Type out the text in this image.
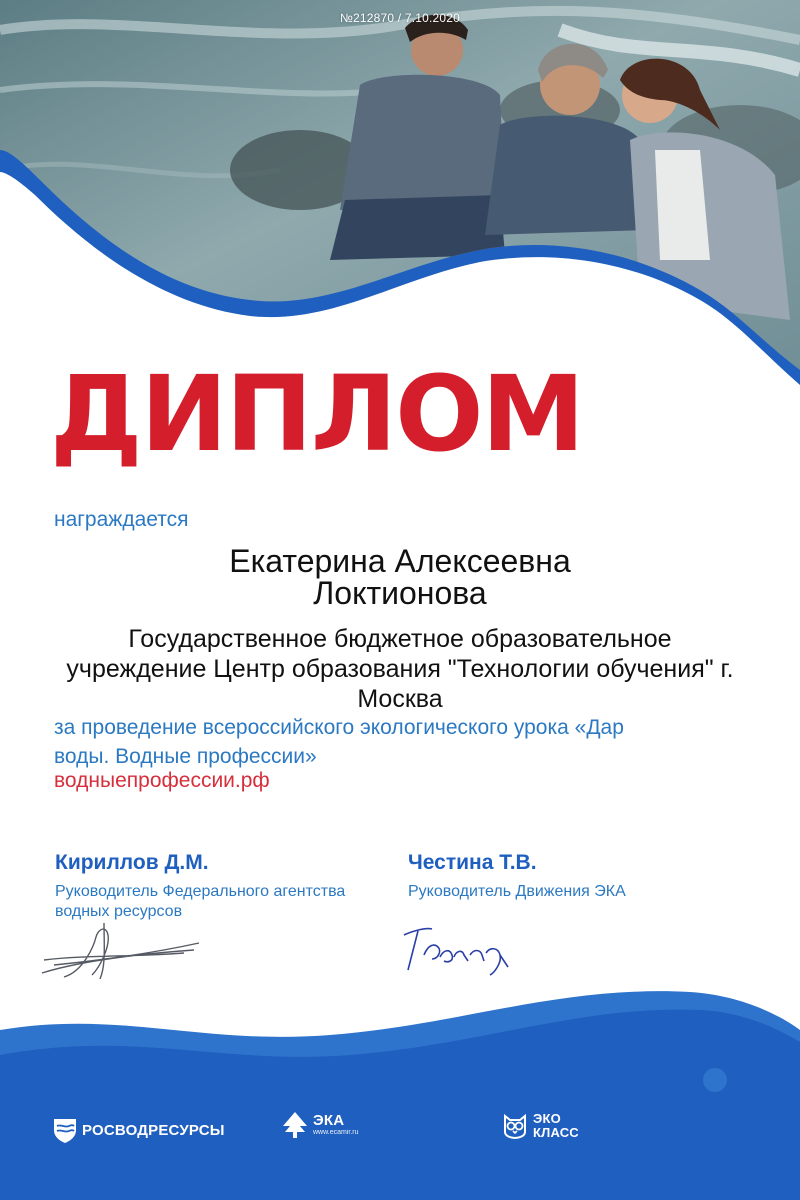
№212870 / 7.10.2020
ДИПЛОМ
награждается
Екатерина Алексеевна Локтионова
Государственное бюджетное образовательное учреждение Центр образования "Технологии обучения" г. Москва
за проведение всероссийского экологического урока «Дар воды. Водные профессии»
водныепрофессии.рф
Кириллов Д.М.
Руководитель Федерального агентства водных ресурсов
Честина Т.В.
Руководитель Движения ЭКА
РОСВОДРЕСУРСЫ
ЭКА
www.ecamir.ru
ЭКО
КЛАСС
